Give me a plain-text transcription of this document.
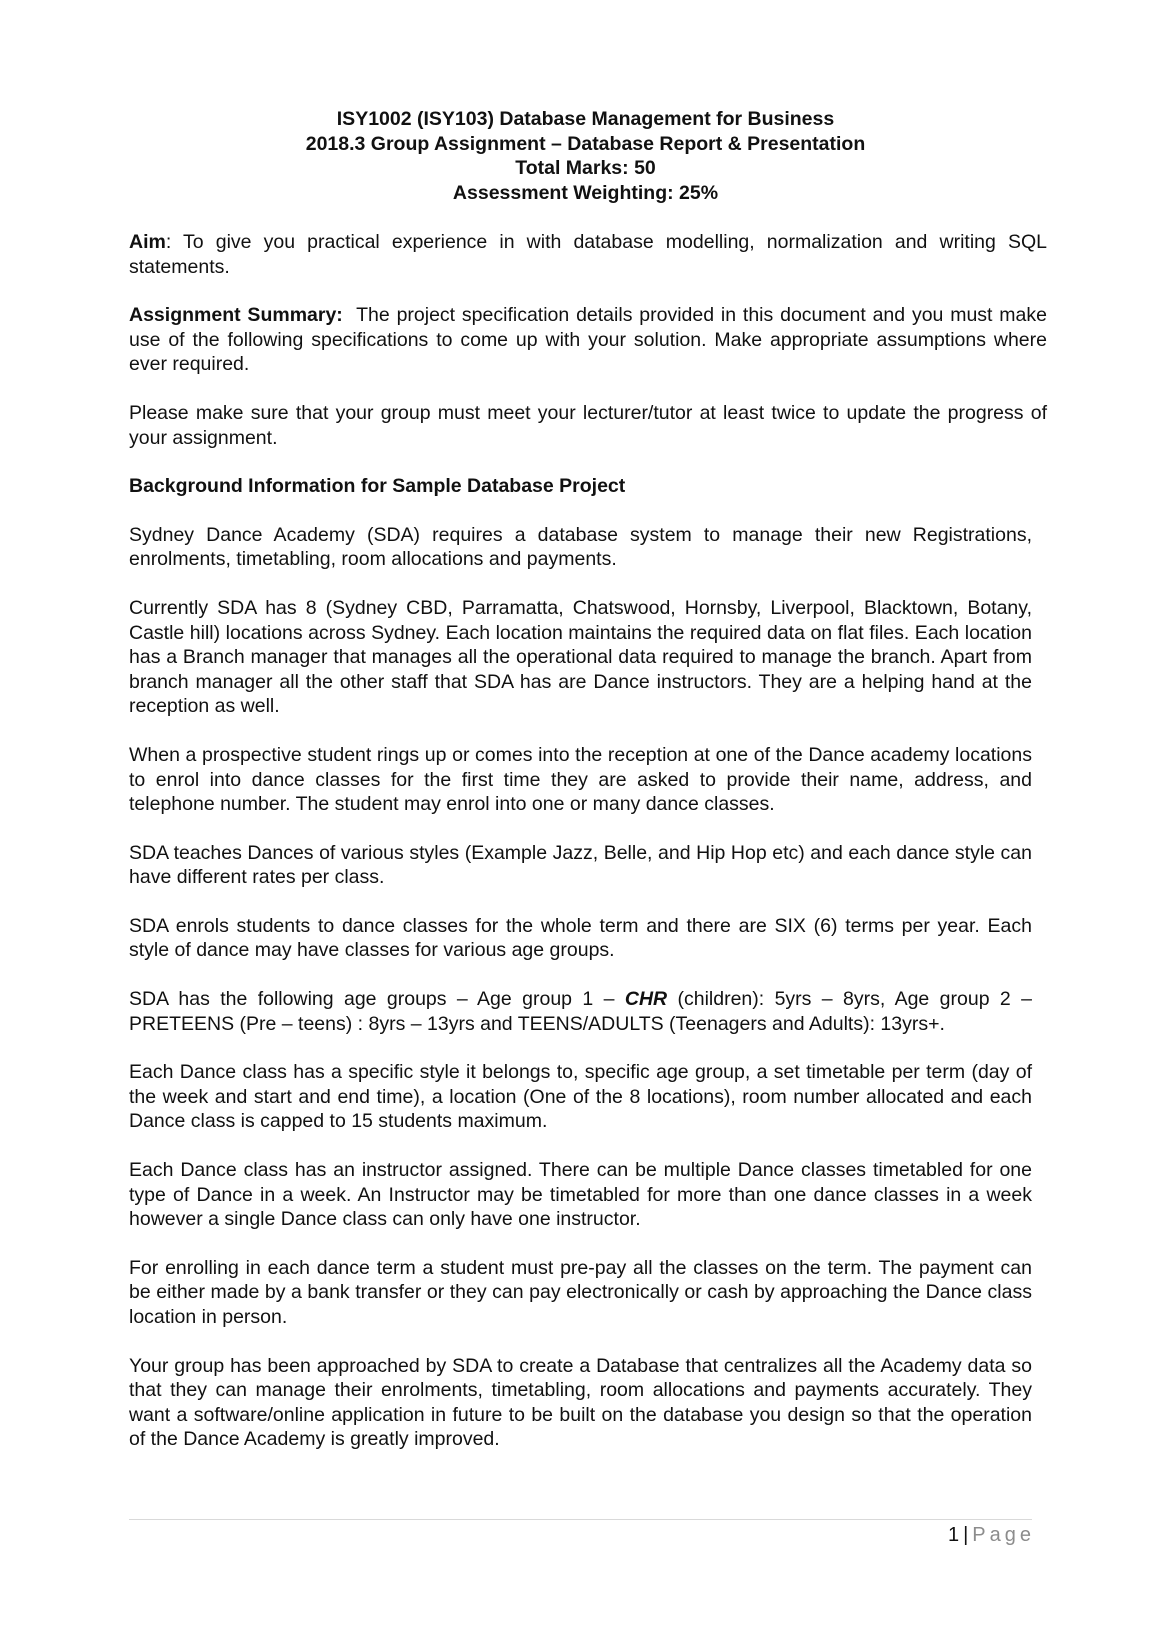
ISY1002 (ISY103) Database Management for Business
2018.3 Group Assignment – Database Report & Presentation
Total Marks: 50
Assessment Weighting: 25%

Aim: To give you practical experience in with database modelling, normalization and writing SQL statements.

Assignment Summary:  The project specification details provided in this document and you must make use of the following specifications to come up with your solution. Make appropriate assumptions where ever required.

Please make sure that your group must meet your lecturer/tutor at least twice to update the progress of your assignment.

Background Information for Sample Database Project

Sydney Dance Academy (SDA) requires a database system to manage their new Registrations, enrolments, timetabling, room allocations and payments.

Currently SDA has 8 (Sydney CBD, Parramatta, Chatswood, Hornsby, Liverpool, Blacktown, Botany, Castle hill) locations across Sydney. Each location maintains the required data on flat files. Each location has a Branch manager that manages all the operational data required to manage the branch. Apart from branch manager all the other staff that SDA has are Dance instructors. They are a helping hand at the reception as well.

When a prospective student rings up or comes into the reception at one of the Dance academy locations to enrol into dance classes for the first time they are asked to provide their name, address, and telephone number. The student may enrol into one or many dance classes.

SDA teaches Dances of various styles (Example Jazz, Belle, and Hip Hop etc) and each dance style can have different rates per class.

SDA enrols students to dance classes for the whole term and there are SIX (6) terms per year. Each style of dance may have classes for various age groups.

SDA has the following age groups – Age group 1 – CHR (children): 5yrs – 8yrs, Age group 2 – PRETEENS (Pre – teens) : 8yrs – 13yrs and TEENS/ADULTS (Teenagers and Adults): 13yrs+.

Each Dance class has a specific style it belongs to, specific age group, a set timetable per term (day of the week and start and end time), a location (One of the 8 locations), room number allocated and each Dance class is capped to 15 students maximum.

Each Dance class has an instructor assigned. There can be multiple Dance classes timetabled for one type of Dance in a week. An Instructor may be timetabled for more than one dance classes in a week however a single Dance class can only have one instructor.

For enrolling in each dance term a student must pre-pay all the classes on the term. The payment can be either made by a bank transfer or they can pay electronically or cash by approaching the Dance class location in person.

Your group has been approached by SDA to create a Database that centralizes all the Academy data so that they can manage their enrolments, timetabling, room allocations and payments accurately. They want a software/online application in future to be built on the database you design so that the operation of the Dance Academy is greatly improved.

1 | Page
